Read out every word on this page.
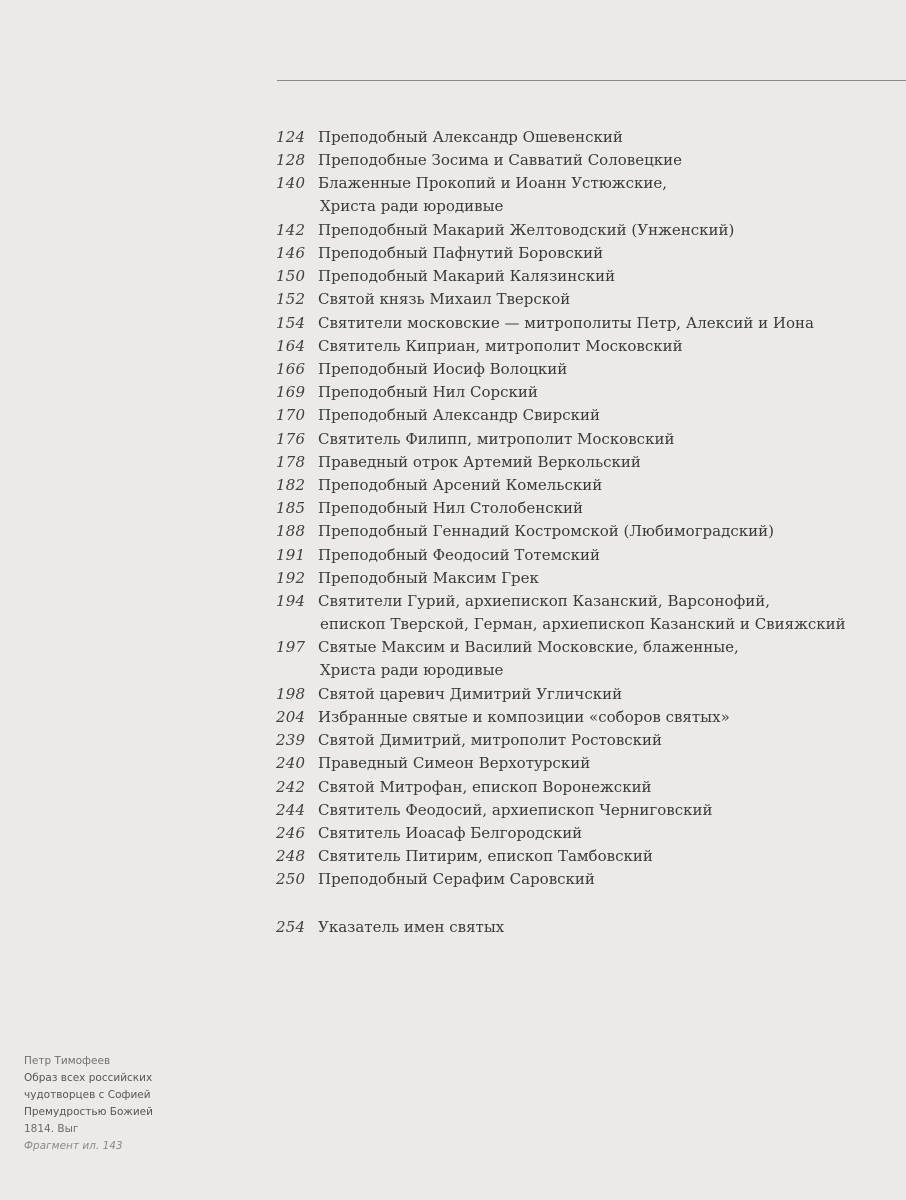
124 Преподобный Александр Ошевенский
128 Преподобные Зосима и Савватий Соловецкие
140 Блаженные Прокопий и Иоанн Устюжские,
Христа ради юродивые
142 Преподобный Макарий Желтоводский (Унженский)
146 Преподобный Пафнутий Боровский
150 Преподобный Макарий Калязинский
152 Святой князь Михаил Тверской
154 Святители московские — митрополиты Петр, Алексий и Иона
164 Святитель Киприан, митрополит Московский
166 Преподобный Иосиф Волоцкий
169 Преподобный Нил Сорский
170 Преподобный Александр Свирский
176 Святитель Филипп, митрополит Московский
178 Праведный отрок Артемий Веркольский
182 Преподобный Арсений Комельский
185 Преподобный Нил Столобенский
188 Преподобный Геннадий Костромской (Любимоградский)
191 Преподобный Феодосий Тотемский
192 Преподобный Максим Грек
194 Святители Гурий, архиепископ Казанский, Варсонофий,
епископ Тверской, Герман, архиепископ Казанский и Свияжский
197 Святые Максим и Василий Московские, блаженные,
Христа ради юродивые
198 Святой царевич Димитрий Угличский
204 Избранные святые и композиции «соборов святых»
239 Святой Димитрий, митрополит Ростовский
240 Праведный Симеон Верхотурский
242 Святой Митрофан, епископ Воронежский
244 Святитель Феодосий, архиепископ Черниговский
246 Святитель Иоасаф Белгородский
248 Святитель Питирим, епископ Тамбовский
250 Преподобный Серафим Саровский
254 Указатель имен святых
Петр Тимофеев
Образ всех российских
чудотворцев с Софией
Премудростью Божией
1814. Выг
Фрагмент ил. 143
